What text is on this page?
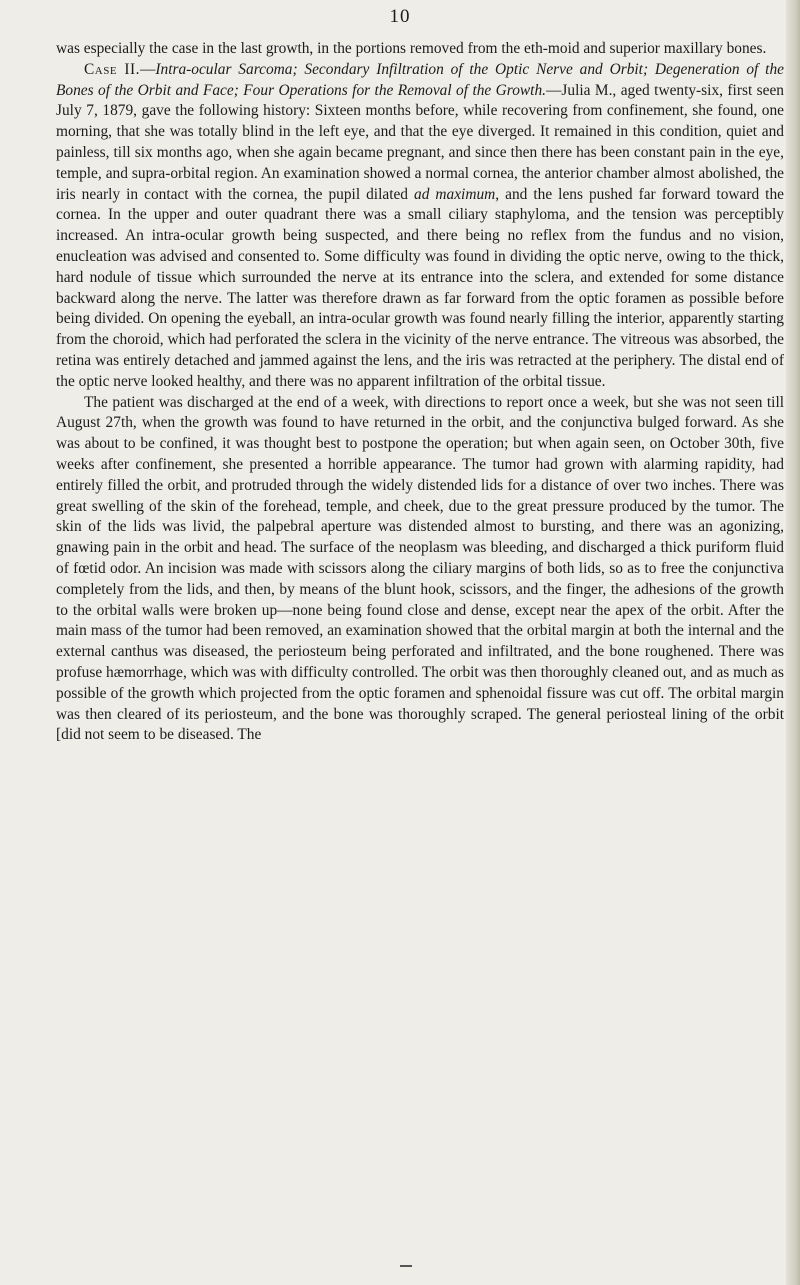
10

was especially the case in the last growth, in the portions removed from the eth-moid and superior maxillary bones.

Case II.—Intra-ocular Sarcoma; Secondary Infiltration of the Optic Nerve and Orbit; Degeneration of the Bones of the Orbit and Face; Four Operations for the Removal of the Growth.—Julia M., aged twenty-six, first seen July 7, 1879, gave the following history: Sixteen months before, while recovering from confinement, she found, one morning, that she was totally blind in the left eye, and that the eye diverged. It remained in this condition, quiet and painless, till six months ago, when she again became pregnant, and since then there has been constant pain in the eye, temple, and supra-orbital region. An examination showed a normal cornea, the anterior chamber almost abolished, the iris nearly in contact with the cornea, the pupil dilated ad maximum, and the lens pushed far forward toward the cornea. In the upper and outer quadrant there was a small ciliary staphyloma, and the tension was perceptibly increased. An intra-ocular growth being suspected, and there being no reflex from the fundus and no vision, enucleation was advised and consented to. Some difficulty was found in dividing the optic nerve, owing to the thick, hard nodule of tissue which surrounded the nerve at its entrance into the sclera, and extended for some distance backward along the nerve. The latter was therefore drawn as far forward from the optic foramen as possible before being divided. On opening the eyeball, an intra-ocular growth was found nearly filling the interior, apparently starting from the choroid, which had perforated the sclera in the vicinity of the nerve entrance. The vitreous was absorbed, the retina was entirely detached and jammed against the lens, and the iris was retracted at the periphery. The distal end of the optic nerve looked healthy, and there was no apparent infiltration of the orbital tissue.

The patient was discharged at the end of a week, with directions to report once a week, but she was not seen till August 27th, when the growth was found to have returned in the orbit, and the conjunctiva bulged forward. As she was about to be confined, it was thought best to postpone the operation; but when again seen, on October 30th, five weeks after confinement, she presented a horrible appearance. The tumor had grown with alarming rapidity, had entirely filled the orbit, and protruded through the widely distended lids for a distance of over two inches. There was great swelling of the skin of the forehead, temple, and cheek, due to the great pressure produced by the tumor. The skin of the lids was livid, the palpebral aperture was distended almost to bursting, and there was an agonizing, gnawing pain in the orbit and head. The surface of the neoplasm was bleeding, and discharged a thick puriform fluid of fœtid odor. An incision was made with scissors along the ciliary margins of both lids, so as to free the conjunctiva completely from the lids, and then, by means of the blunt hook, scissors, and the finger, the adhesions of the growth to the orbital walls were broken up—none being found close and dense, except near the apex of the orbit. After the main mass of the tumor had been removed, an examination showed that the orbital margin at both the internal and the external canthus was diseased, the periosteum being perforated and infiltrated, and the bone roughened. There was profuse hæmorrhage, which was with difficulty controlled. The orbit was then thoroughly cleaned out, and as much as possible of the growth which projected from the optic foramen and sphenoidal fissure was cut off. The orbital margin was then cleared of its periosteum, and the bone was thoroughly scraped. The general periosteal lining of the orbit [did not seem to be diseased. The
